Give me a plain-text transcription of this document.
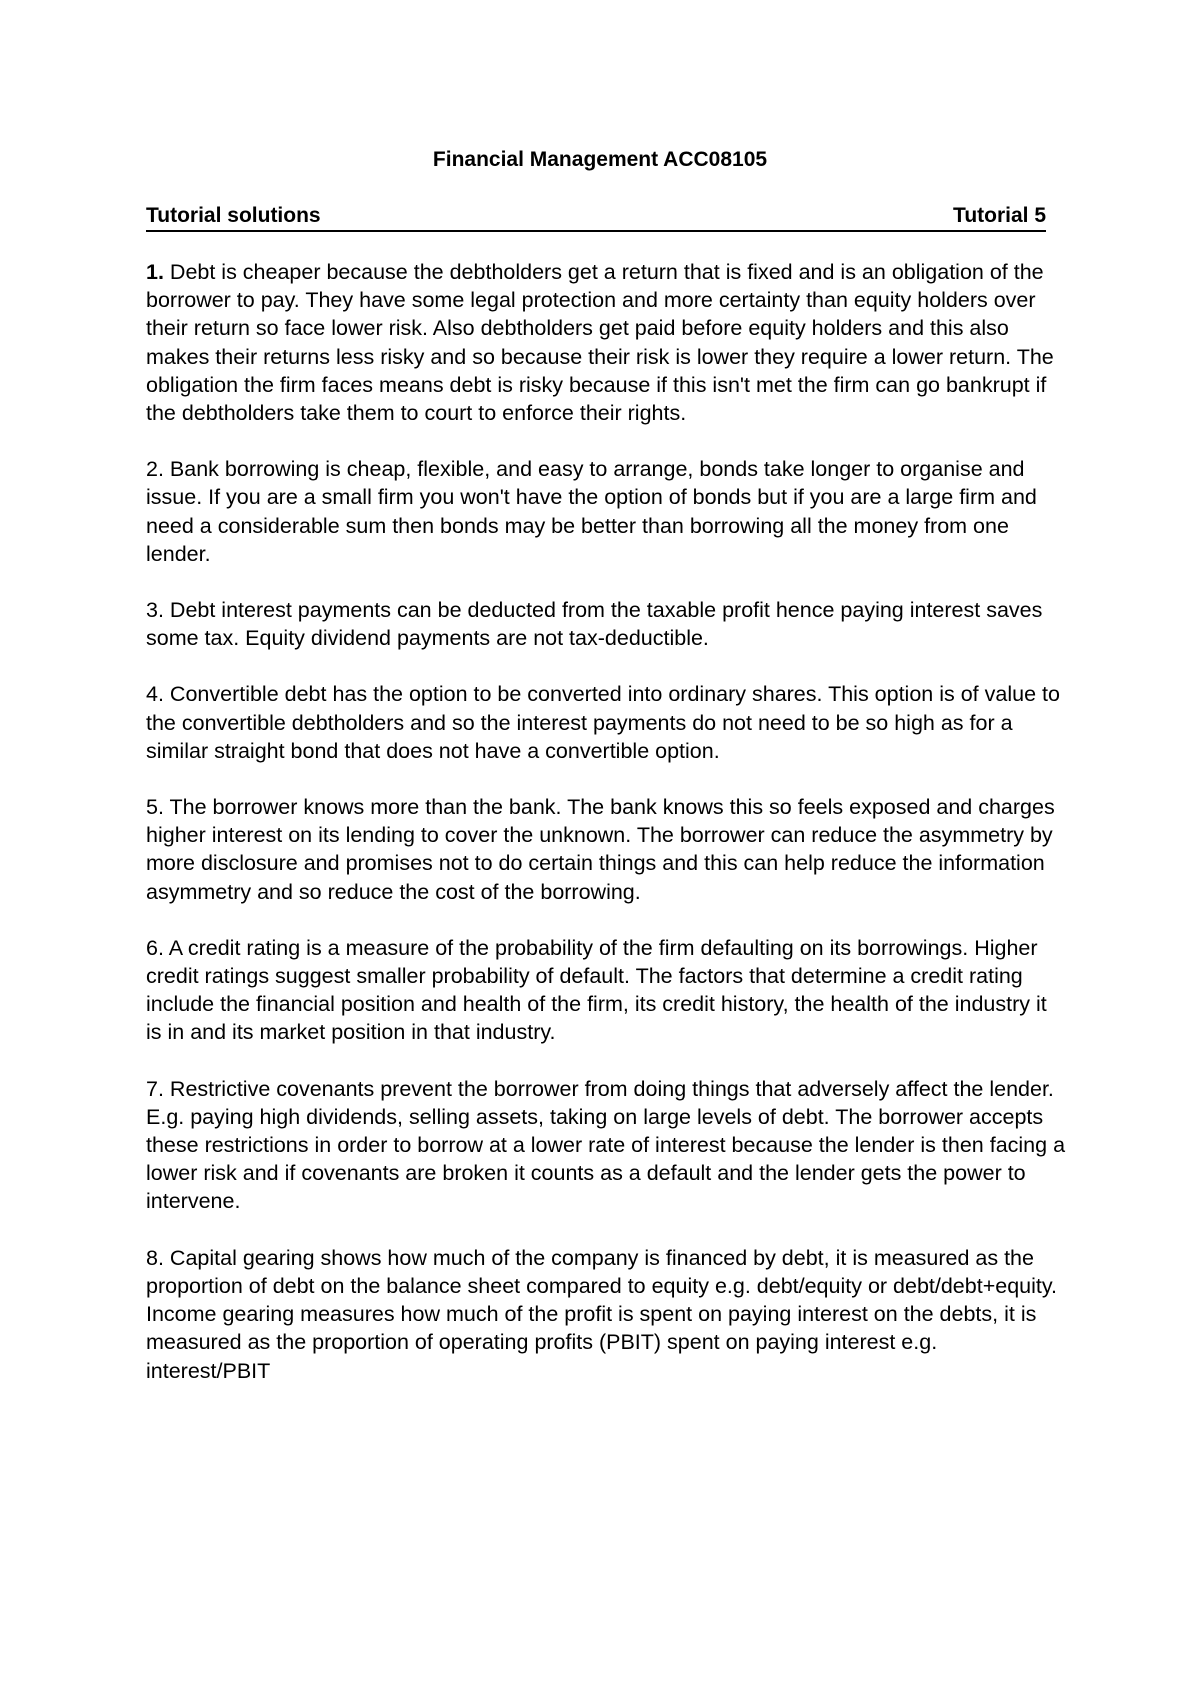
Financial Management ACC08105
Tutorial solutions	Tutorial 5

1. Debt is cheaper because the debtholders get a return that is fixed and is an obligation of the borrower to pay. They have some legal protection and more certainty than equity holders over their return so face lower risk. Also debtholders get paid before equity holders and this also makes their returns less risky and so because their risk is lower they require a lower return. The obligation the firm faces means debt is risky because if this isn't met the firm can go bankrupt if the debtholders take them to court to enforce their rights.

2. Bank borrowing is cheap, flexible, and easy to arrange, bonds take longer to organise and issue. If you are a small firm you won't have the option of bonds but if you are a large firm and need a considerable sum then bonds may be better than borrowing all the money from one lender.

3. Debt interest payments can be deducted from the taxable profit hence paying interest saves some tax. Equity dividend payments are not tax-deductible.

4. Convertible debt has the option to be converted into ordinary shares. This option is of value to the convertible debtholders and so the interest payments do not need to be so high as for a similar straight bond that does not have a convertible option.

5. The borrower knows more than the bank. The bank knows this so feels exposed and charges higher interest on its lending to cover the unknown. The borrower can reduce the asymmetry by more disclosure and promises not to do certain things and this can help reduce the information asymmetry and so reduce the cost of the borrowing.

6. A credit rating is a measure of the probability of the firm defaulting on its borrowings. Higher credit ratings suggest smaller probability of default. The factors that determine a credit rating include the financial position and health of the firm, its credit history, the health of the industry it is in and its market position in that industry.

7. Restrictive covenants prevent the borrower from doing things that adversely affect the lender. E.g. paying high dividends, selling assets, taking on large levels of debt. The borrower accepts these restrictions in order to borrow at a lower rate of interest because the lender is then facing a lower risk and if covenants are broken it counts as a default and the lender gets the power to intervene.

8. Capital gearing shows how much of the company is financed by debt, it is measured as the proportion of debt on the balance sheet compared to equity e.g. debt/equity or debt/debt+equity. Income gearing measures how much of the profit is spent on paying interest on the debts, it is measured as the proportion of operating profits (PBIT) spent on paying interest e.g. interest/PBIT
